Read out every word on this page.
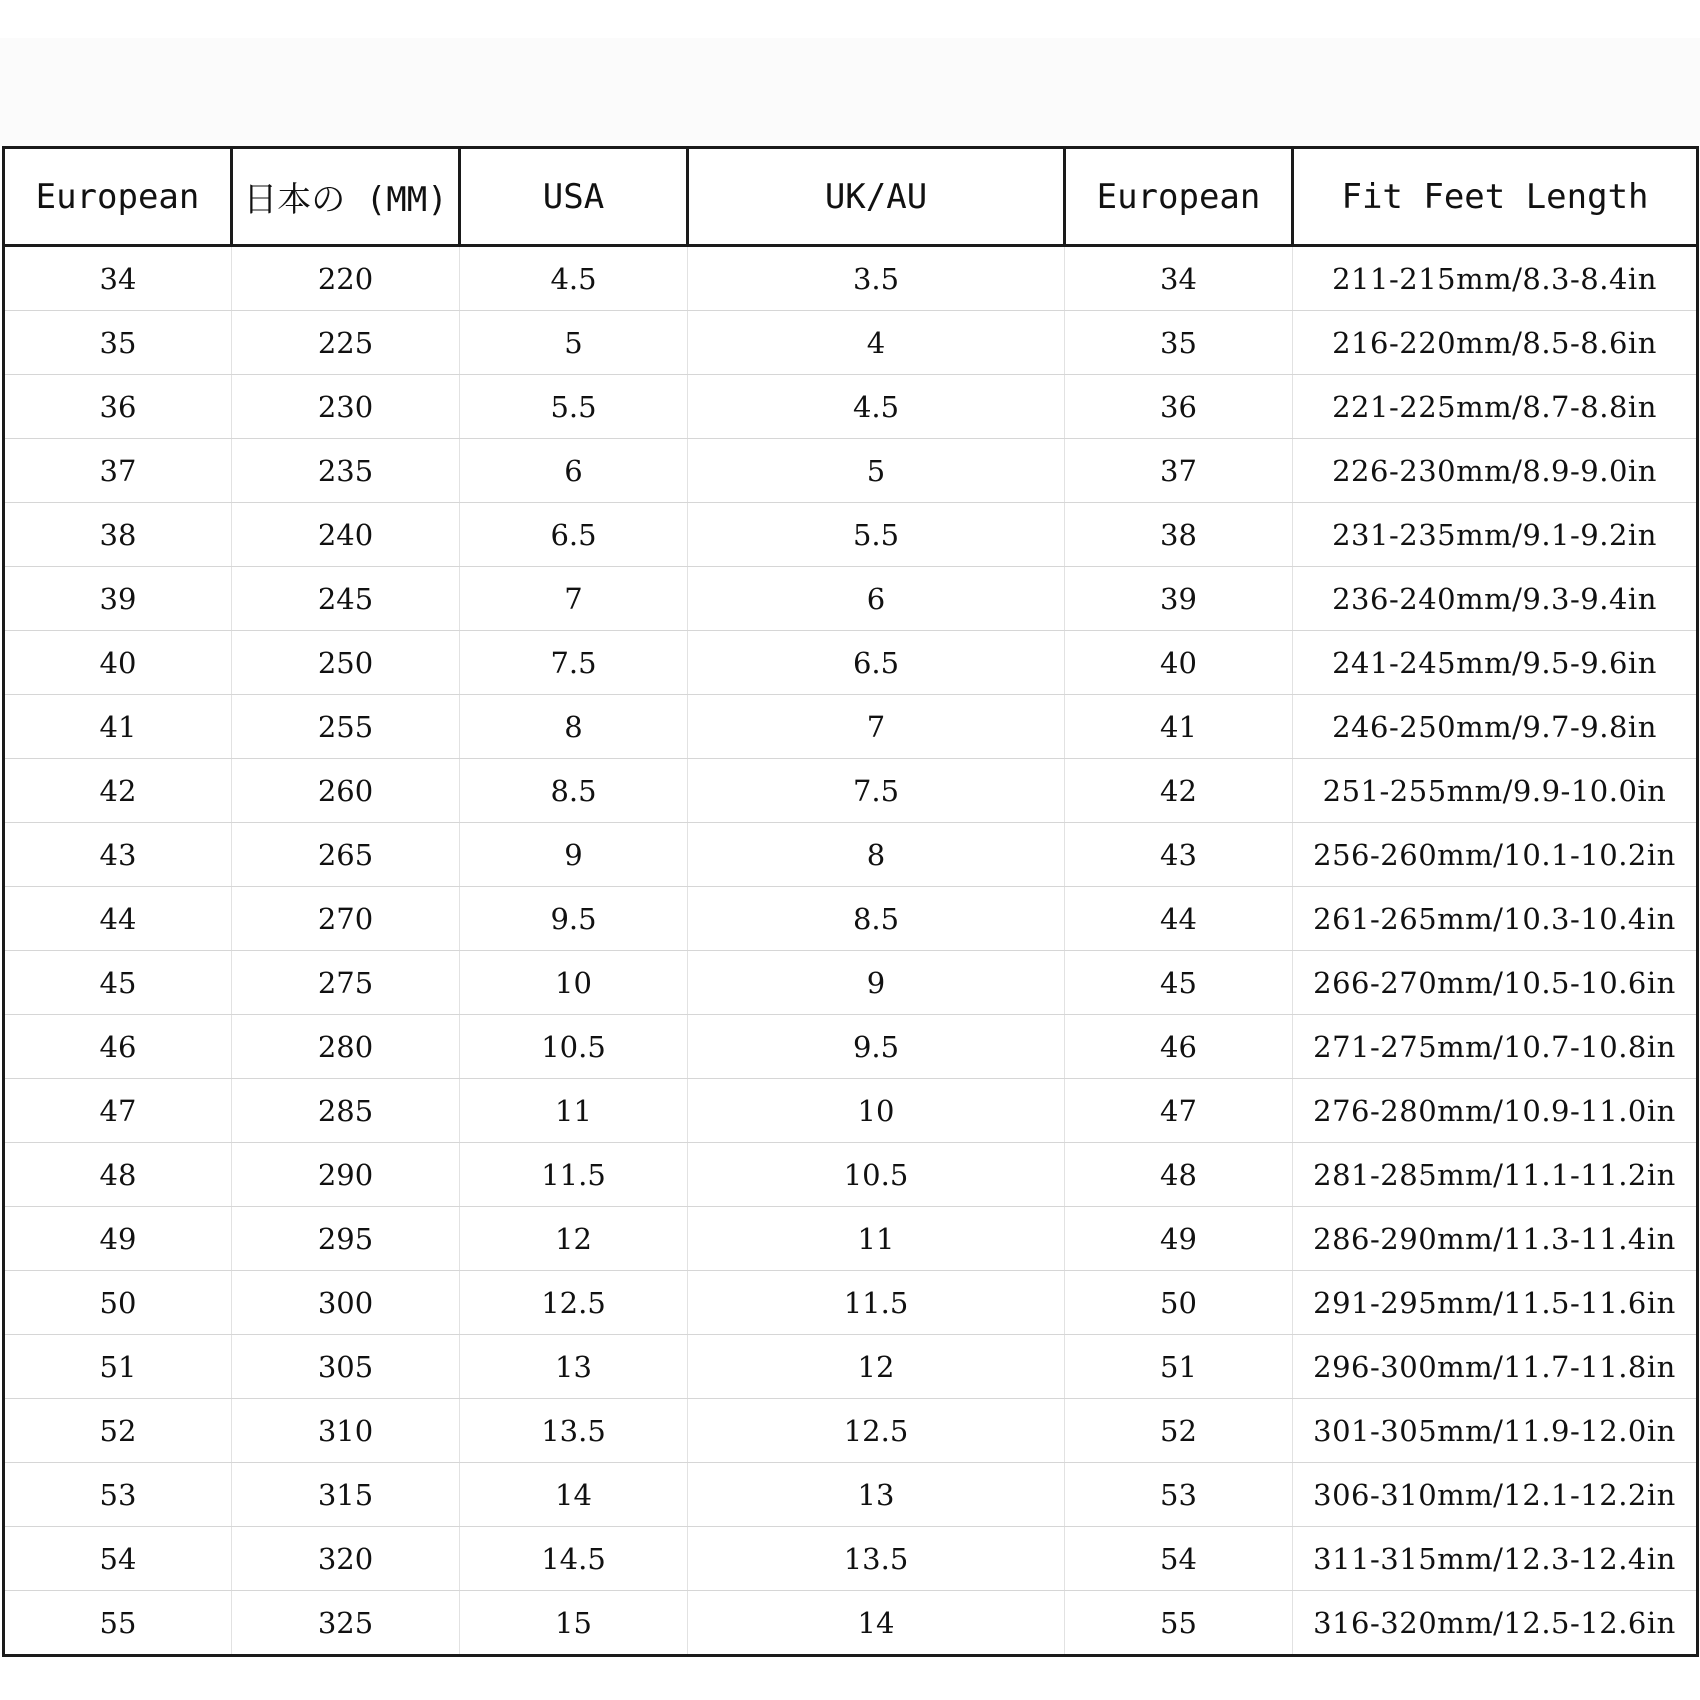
European	日本の (MM)	USA	UK/AU	European	Fit Feet Length
34	220	4.5	3.5	34	211-215mm/8.3-8.4in
35	225	5	4	35	216-220mm/8.5-8.6in
36	230	5.5	4.5	36	221-225mm/8.7-8.8in
37	235	6	5	37	226-230mm/8.9-9.0in
38	240	6.5	5.5	38	231-235mm/9.1-9.2in
39	245	7	6	39	236-240mm/9.3-9.4in
40	250	7.5	6.5	40	241-245mm/9.5-9.6in
41	255	8	7	41	246-250mm/9.7-9.8in
42	260	8.5	7.5	42	251-255mm/9.9-10.0in
43	265	9	8	43	256-260mm/10.1-10.2in
44	270	9.5	8.5	44	261-265mm/10.3-10.4in
45	275	10	9	45	266-270mm/10.5-10.6in
46	280	10.5	9.5	46	271-275mm/10.7-10.8in
47	285	11	10	47	276-280mm/10.9-11.0in
48	290	11.5	10.5	48	281-285mm/11.1-11.2in
49	295	12	11	49	286-290mm/11.3-11.4in
50	300	12.5	11.5	50	291-295mm/11.5-11.6in
51	305	13	12	51	296-300mm/11.7-11.8in
52	310	13.5	12.5	52	301-305mm/11.9-12.0in
53	315	14	13	53	306-310mm/12.1-12.2in
54	320	14.5	13.5	54	311-315mm/12.3-12.4in
55	325	15	14	55	316-320mm/12.5-12.6in
